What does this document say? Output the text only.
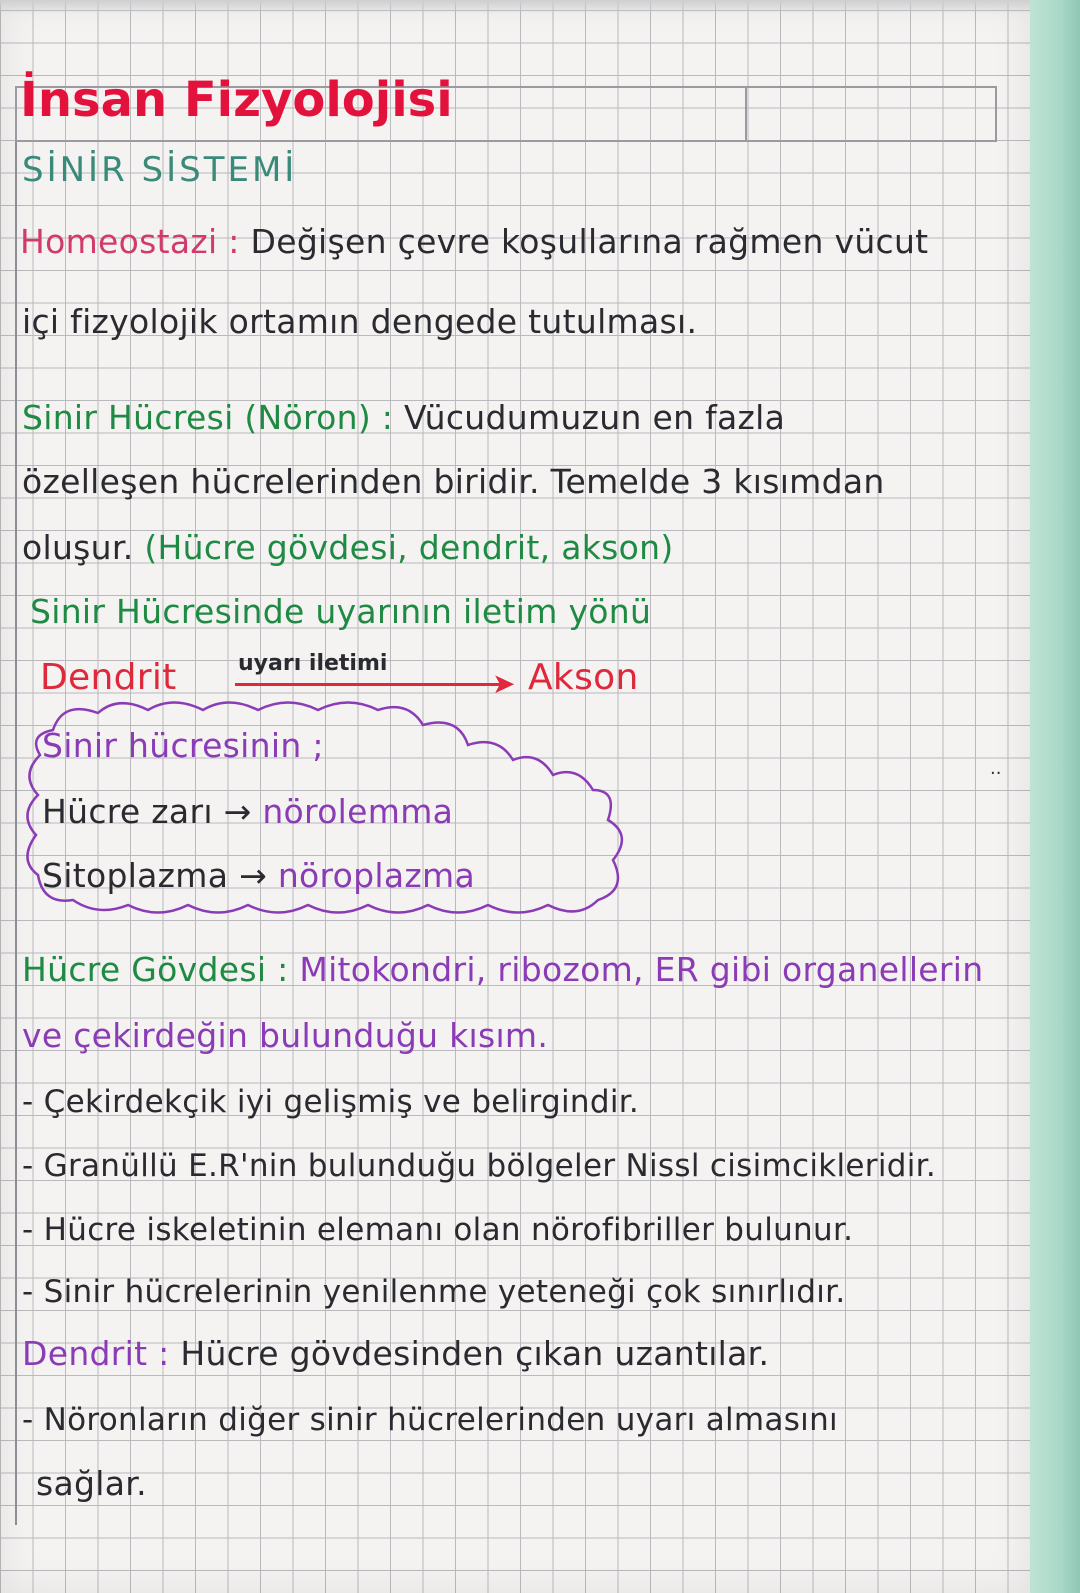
İnsan Fizyolojisi
SİNİR SİSTEMİ
Homeostazi : Değişen çevre koşullarına rağmen vücut
içi fizyolojik ortamın dengede tutulması.
Sinir Hücresi (Nöron) : Vücudumuzun en fazla
özelleşen hücrelerinden biridir. Temelde 3 kısımdan
oluşur. (Hücre gövdesi, dendrit, akson)
Sinir Hücresinde uyarının iletim yönü
Dendrit	uyarı iletimi
➤ Akson
Sinir hücresinin ;
Hücre zarı → nörolemma
Sitoplazma → nöroplazma
..
Hücre Gövdesi : Mitokondri, ribozom, ER gibi organellerin
ve çekirdeğin bulunduğu kısım.
- Çekirdekçik iyi gelişmiş ve belirgindir.
- Granüllü E.R'nin bulunduğu bölgeler Nissl cisimcikleridir.
- Hücre iskeletinin elemanı olan nörofibriller bulunur.
- Sinir hücrelerinin yenilenme yeteneği çok sınırlıdır.
Dendrit : Hücre gövdesinden çıkan uzantılar.
- Nöronların diğer sinir hücrelerinden uyarı almasını
sağlar.
